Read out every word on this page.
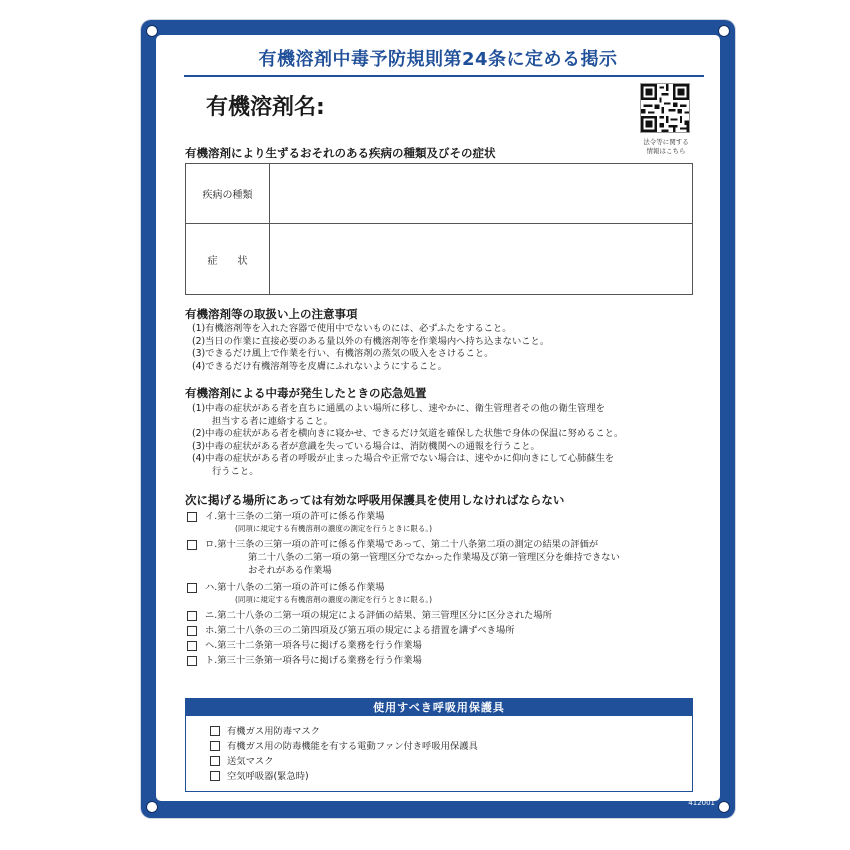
有機溶剤中毒予防規則第24条に定める掲示
有機溶剤名:
法令等に関する
情報はこちら
有機溶剤により生ずるおそれのある疾病の種類及びその症状
疾病の種類
症　　状
有機溶剤等の取扱い上の注意事項
(1)有機溶剤等を入れた容器で使用中でないものには、必ずふたをすること。
(2)当日の作業に直接必要のある量以外の有機溶剤等を作業場内へ持ち込まないこと。
(3)できるだけ風上で作業を行い、有機溶剤の蒸気の吸入をさけること。
(4)できるだけ有機溶剤等を皮膚にふれないようにすること。
有機溶剤による中毒が発生したときの応急処置
(1)中毒の症状がある者を直ちに通風のよい場所に移し、速やかに、衛生管理者その他の衛生管理を
担当する者に連絡すること。
(2)中毒の症状がある者を横向きに寝かせ、できるだけ気道を確保した状態で身体の保温に努めること。
(3)中毒の症状がある者が意識を失っている場合は、消防機関への通報を行うこと。
(4)中毒の症状がある者の呼吸が止まった場合や正常でない場合は、速やかに仰向きにして心肺蘇生を
行うこと。
次に掲げる場所にあっては有効な呼吸用保護具を使用しなければならない
イ.第十三条の二第一項の許可に係る作業場
(同項に規定する有機溶剤の濃度の測定を行うときに限る。)
ロ.第十三条の三第一項の許可に係る作業場であって、第二十八条第二項の測定の結果の評価が
第二十八条の二第一項の第一管理区分でなかった作業場及び第一管理区分を維持できない
おそれがある作業場
ハ.第十八条の二第一項の許可に係る作業場
(同項に規定する有機溶剤の濃度の測定を行うときに限る。)
ニ.第二十八条の二第一項の規定による評価の結果、第三管理区分に区分された場所
ホ.第二十八条の三の二第四項及び第五項の規定による措置を講ずべき場所
ヘ.第三十二条第一項各号に掲げる業務を行う作業場
ト.第三十三条第一項各号に掲げる業務を行う作業場
使用すべき呼吸用保護具
有機ガス用防毒マスク
有機ガス用の防毒機能を有する電動ファン付き呼吸用保護具
送気マスク
空気呼吸器(緊急時)
412001
